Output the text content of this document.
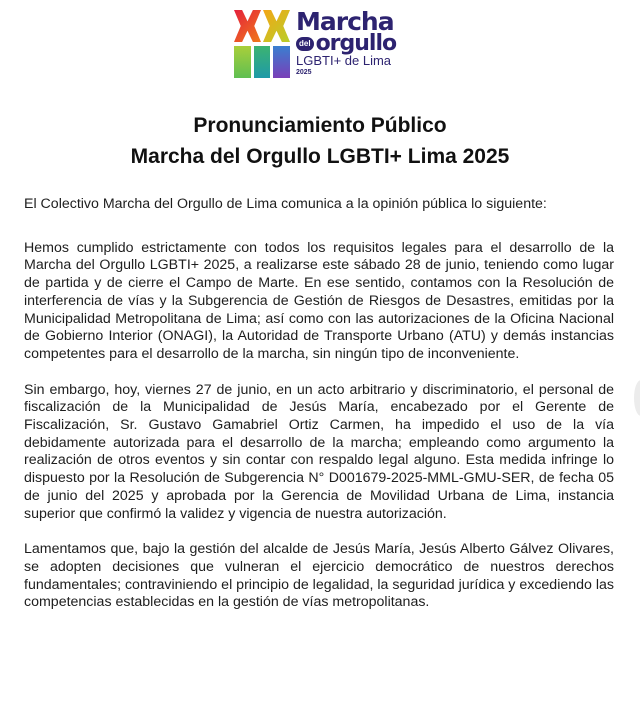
Marcha
del orgullo
LGBTI+ de Lima
2025
Pronunciamiento Público
Marcha del Orgullo LGBTI+ Lima 2025

El Colectivo Marcha del Orgullo de Lima comunica a la opinión pública lo siguiente:

Hemos cumplido estrictamente con todos los requisitos legales para el desarrollo de la Marcha del Orgullo LGBTI+ 2025, a realizarse este sábado 28 de junio, teniendo como lugar de partida y de cierre el Campo de Marte. En ese sentido, contamos con la Resolución de interferencia de vías y la Subgerencia de Gestión de Riesgos de Desastres, emitidas por la Municipalidad Metropolitana de Lima; así como con las autorizaciones de la Oficina Nacional de Gobierno Interior (ONAGI), la Autoridad de Transporte Urbano (ATU) y demás instancias competentes para el desarrollo de la marcha, sin ningún tipo de inconveniente.

Sin embargo, hoy, viernes 27 de junio, en un acto arbitrario y discriminatorio, el personal de fiscalización de la Municipalidad de Jesús María, encabezado por el Gerente de Fiscalización, Sr. Gustavo Gamabriel Ortiz Carmen, ha impedido el uso de la vía debidamente autorizada para el desarrollo de la marcha; empleando como argumento la realización de otros eventos y sin contar con respaldo legal alguno. Esta medida infringe lo dispuesto por la Resolución de Subgerencia N° D001679-2025-MML-GMU-SER, de fecha 05 de junio del 2025 y aprobada por la Gerencia de Movilidad Urbana de Lima, instancia superior que confirmó la validez y vigencia de nuestra autorización.

Lamentamos que, bajo la gestión del alcalde de Jesús María, Jesús Alberto Gálvez Olivares, se adopten decisiones que vulneran el ejercicio democrático de nuestros derechos fundamentales; contraviniendo el principio de legalidad, la seguridad jurídica y excediendo las competencias establecidas en la gestión de vías metropolitanas.
